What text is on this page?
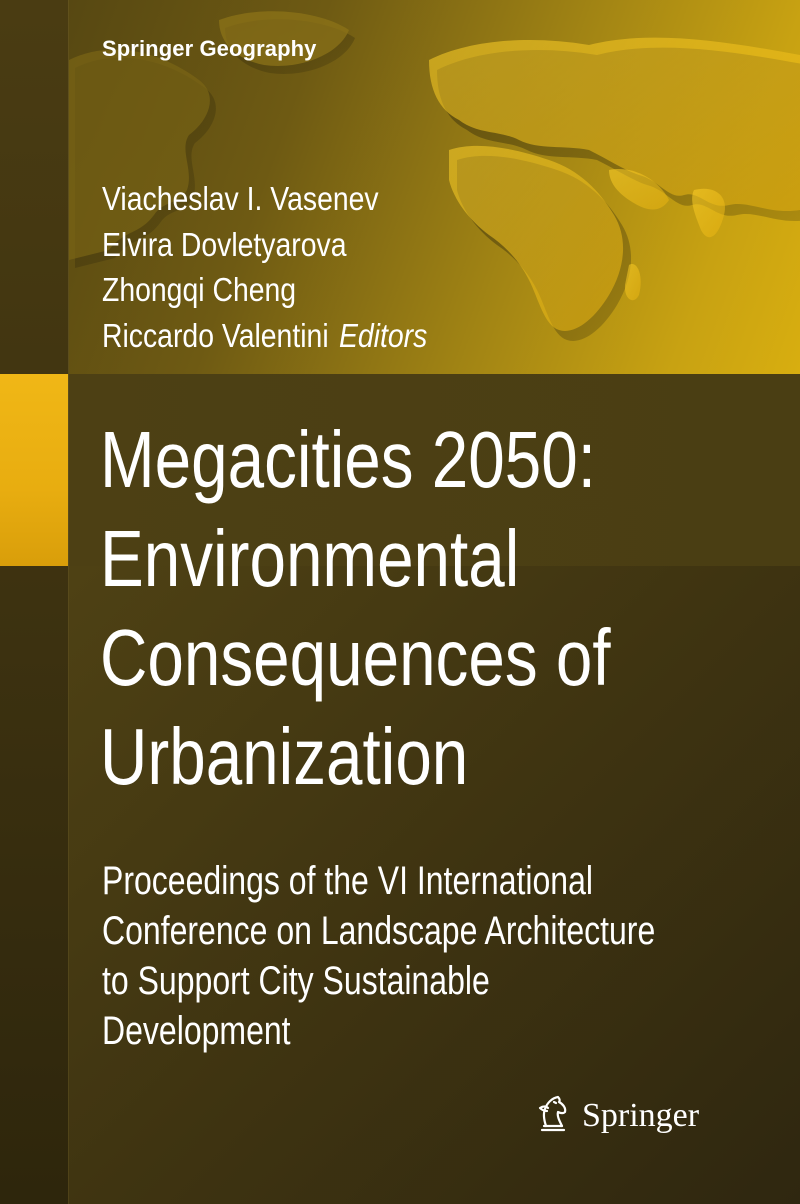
Springer Geography
Viacheslav I. Vasenev
Elvira Dovletyarova
Zhongqi Cheng
Riccardo Valentini Editors
Megacities 2050:
Environmental
Consequences of
Urbanization
Proceedings of the VI International
Conference on Landscape Architecture
to Support City Sustainable
Development
Springer
